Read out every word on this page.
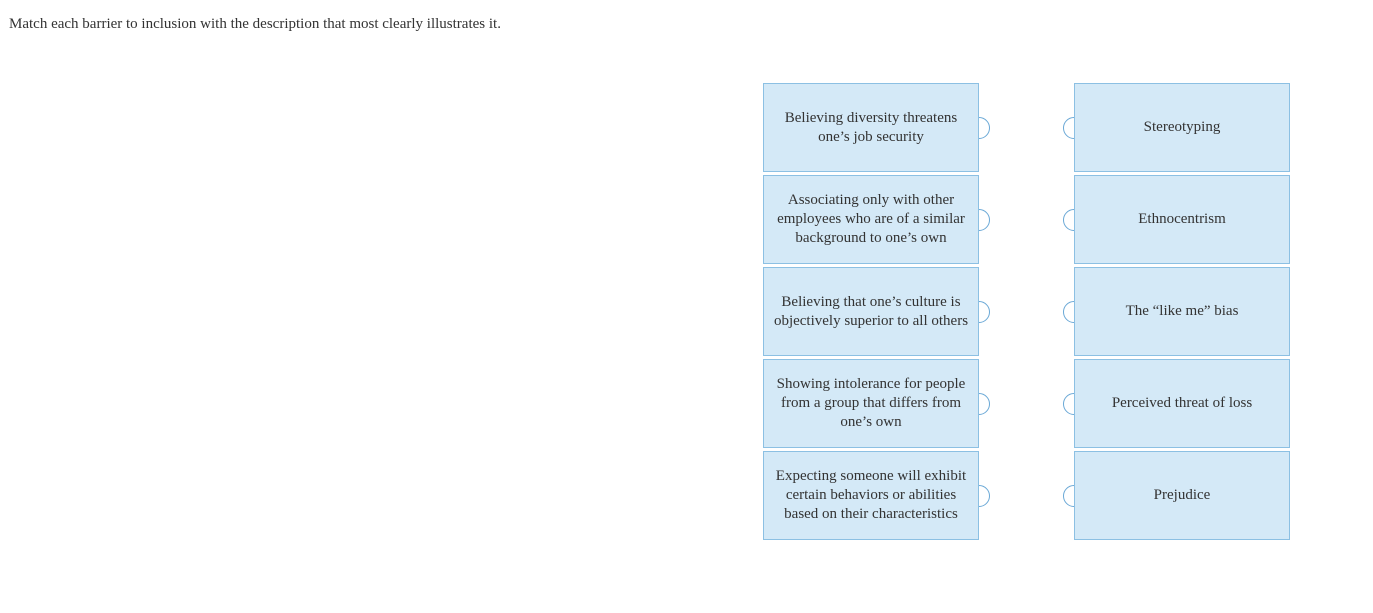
Match each barrier to inclusion with the description that most clearly illustrates it.
Believing diversity threatens one’s job security
Associating only with other employees who are of a similar background to one’s own
Believing that one’s culture is objectively superior to all others
Showing intolerance for people from a group that differs from one’s own
Expecting someone will exhibit certain behaviors or abilities based on their characteristics
Stereotyping
Ethnocentrism
The “like me” bias
Perceived threat of loss
Prejudice
